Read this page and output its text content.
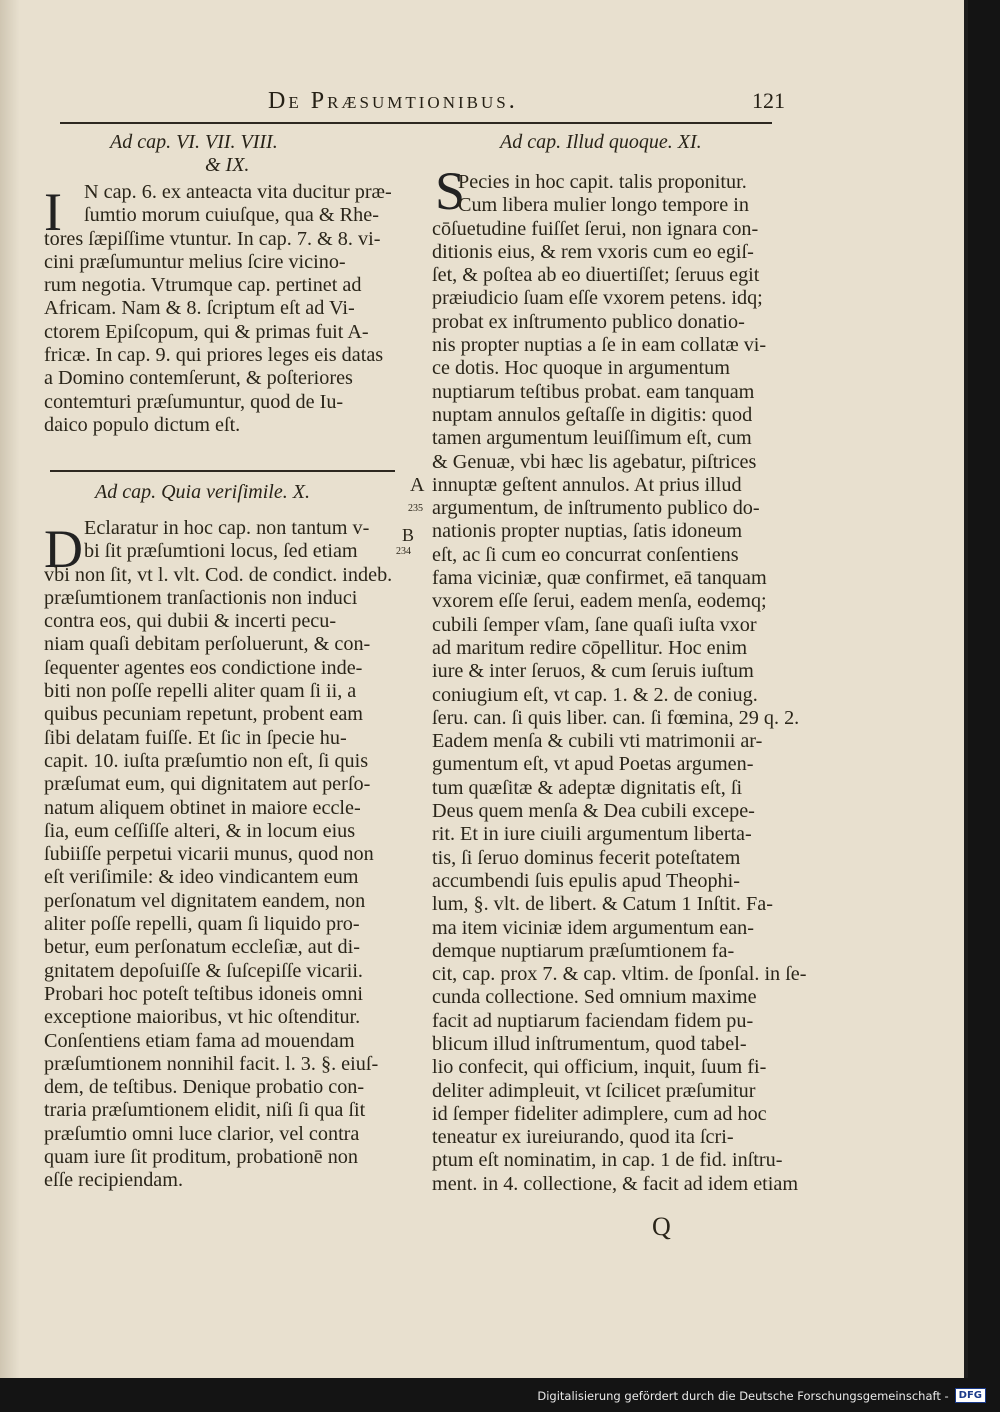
De Præsumtionibus.	121
Ad cap. VI. VII. VIII.
& IX.
I	N cap. 6. ex anteacta vita ducitur præ-
ſumtio morum cuiuſque, qua & Rhe-
tores ſæpiſſime vtuntur. In cap. 7. & 8. vi-
cini præſumuntur melius ſcire vicino-
rum negotia. Vtrumque cap. pertinet ad
Africam. Nam & 8. ſcriptum eſt ad Vi-
ctorem Epiſcopum, qui & primas fuit A-
fricæ. In cap. 9. qui priores leges eis datas
a Domino contemſerunt, & poſteriores
contemturi præſumuntur, quod de Iu-
daico populo dictum eſt.
Ad cap. Quia veriſimile. X.
D Eclaratur in hoc cap. non tantum v-
bi ſit præſumtioni locus, ſed etiam
vbi non ſit, vt l. vlt. Cod. de condict. indeb.
præſumtionem tranſactionis non induci
contra eos, qui dubii & incerti pecu-
niam quaſi debitam perſoluerunt, & con-
ſequenter agentes eos condictione inde-
biti non poſſe repelli aliter quam ſi ii, a
quibus pecuniam repetunt, probent eam
ſibi delatam fuiſſe. Et ſic in ſpecie hu-
capit. 10. iuſta præſumtio non eſt, ſi quis
præſumat eum, qui dignitatem aut perſo-
natum aliquem obtinet in maiore eccle-
ſia, eum ceſſiſſe alteri, & in locum eius
ſubiiſſe perpetui vicarii munus, quod non
eſt veriſimile: & ideo vindicantem eum
perſonatum vel dignitatem eandem, non
aliter poſſe repelli, quam ſi liquido pro-
betur, eum perſonatum eccleſiæ, aut di-
gnitatem depoſuiſſe & ſuſcepiſſe vicarii.
Probari hoc poteſt teſtibus idoneis omni
exceptione maioribus, vt hic oſtenditur.
Conſentiens etiam fama ad mouendam
præſumtionem nonnihil facit. l. 3. §. eiuſ-
dem, de teſtibus. Denique probatio con-
traria præſumtionem elidit, niſi ſi qua ſit
præſumtio omni luce clarior, vel contra
quam iure ſit proditum, probationē non
eſſe recipiendam.
Ad cap. Illud quoque. XI.
S
Pecies in hoc capit. talis proponitur.
Cum libera mulier longo tempore in
cōſuetudine fuiſſet ſerui, non ignara con-
ditionis eius, & rem vxoris cum eo egiſ-
ſet, & poſtea ab eo diuertiſſet; ſeruus egit
præiudicio ſuam eſſe vxorem petens. idq;
probat ex inſtrumento publico donatio-
nis propter nuptias a ſe in eam collatæ vi-
ce dotis. Hoc quoque in argumentum
nuptiarum teſtibus probat. eam tanquam
nuptam annulos geſtaſſe in digitis: quod
tamen argumentum leuiſſimum eſt, cum
& Genuæ, vbi hæc lis agebatur, piſtrices
innuptæ geſtent annulos. At prius illud
argumentum, de inſtrumento publico do-
nationis propter nuptias, ſatis idoneum
eſt, ac ſi cum eo concurrat conſentiens
fama viciniæ, quæ confirmet, eā tanquam
vxorem eſſe ſerui, eadem menſa, eodemq;
cubili ſemper vſam, ſane quaſi iuſta vxor
ad maritum redire cōpellitur. Hoc enim
iure & inter ſeruos, & cum ſeruis iuſtum
coniugium eſt, vt cap. 1. & 2. de coniug.
ſeru. can. ſi quis liber. can. ſi fœmina, 29 q. 2.
Eadem menſa & cubili vti matrimonii ar-
gumentum eſt, vt apud Poetas argumen-
tum quæſitæ & adeptæ dignitatis eſt, ſi
Deus quem menſa & Dea cubili excepe-
rit. Et in iure ciuili argumentum liberta-
tis, ſi ſeruo dominus fecerit poteſtatem
accumbendi ſuis epulis apud Theophi-
lum, §. vlt. de libert. & Catum 1 Inſtit. Fa-
ma item viciniæ idem argumentum ean-
demque nuptiarum præſumtionem fa-
cit, cap. prox 7. & cap. vltim. de ſponſal. in ſe-
cunda collectione. Sed omnium maxime
facit ad nuptiarum faciendam fidem pu-
blicum illud inſtrumentum, quod tabel-
lio confecit, qui officium, inquit, ſuum fi-
deliter adimpleuit, vt ſcilicet præſumitur
id ſemper fideliter adimplere, cum ad hoc
teneatur ex iureiurando, quod ita ſcri-
ptum eſt nominatim, in cap. 1 de fid. inſtru-
ment. in 4. collectione, & facit ad idem etiam
A
235
B
234
Q
Digitalisierung gefördert durch die Deutsche Forschungsgemeinschaft -	DFG
